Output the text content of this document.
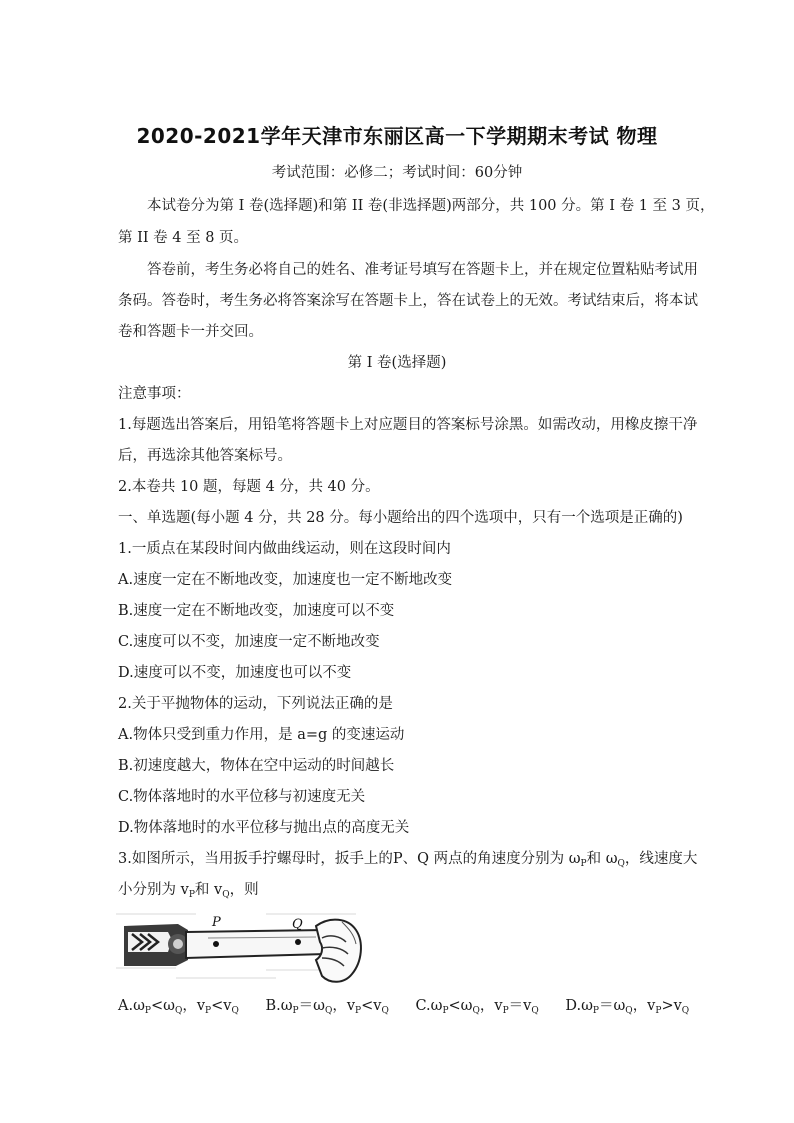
2020-2021学年天津市东丽区高一下学期期末考试 物理
考试范围：必修二；考试时间：60分钟
本试卷分为第 I 卷(选择题)和第 II 卷(非选择题)两部分，共 100 分。第 I 卷 1 至 3 页，
第 II 卷 4 至 8 页。
答卷前，考生务必将自己的姓名、准考证号填写在答题卡上，并在规定位置粘贴考试用
条码。答卷时，考生务必将答案涂写在答题卡上，答在试卷上的无效。考试结束后，将本试
卷和答题卡一并交回。
第 I 卷(选择题)
注意事项：
1.每题选出答案后，用铅笔将答题卡上对应题目的答案标号涂黑。如需改动，用橡皮擦干净
后，再选涂其他答案标号。
2.本卷共 10 题，每题 4 分，共 40 分。
一、单选题(每小题 4 分，共 28 分。每小题给出的四个选项中，只有一个选项是正确的)
1.一质点在某段时间内做曲线运动，则在这段时间内
A.速度一定在不断地改变，加速度也一定不断地改变
B.速度一定在不断地改变，加速度可以不变
C.速度可以不变，加速度一定不断地改变
D.速度可以不变，加速度也可以不变
2.关于平抛物体的运动，下列说法正确的是
A.物体只受到重力作用，是 a=g 的变速运动
B.初速度越大，物体在空中运动的时间越长
C.物体落地时的水平位移与初速度无关
D.物体落地时的水平位移与抛出点的高度无关
3.如图所示，当用扳手拧螺母时，扳手上的P、Q 两点的角速度分别为 $\omega_P$和 $\omega_Q$，线速度大
小分别为 $v_P$和 $v_Q$，则
P	Q
$A.\omega_P<\omega_Q$，$v_P<v_Q$ $B.\omega_P=\omega_Q$，$v_P<v_Q$ $C.\omega_P<\omega_Q$，$v_P=v_Q$ $D.\omega_P=\omega_Q$，$v_P>v_Q$
